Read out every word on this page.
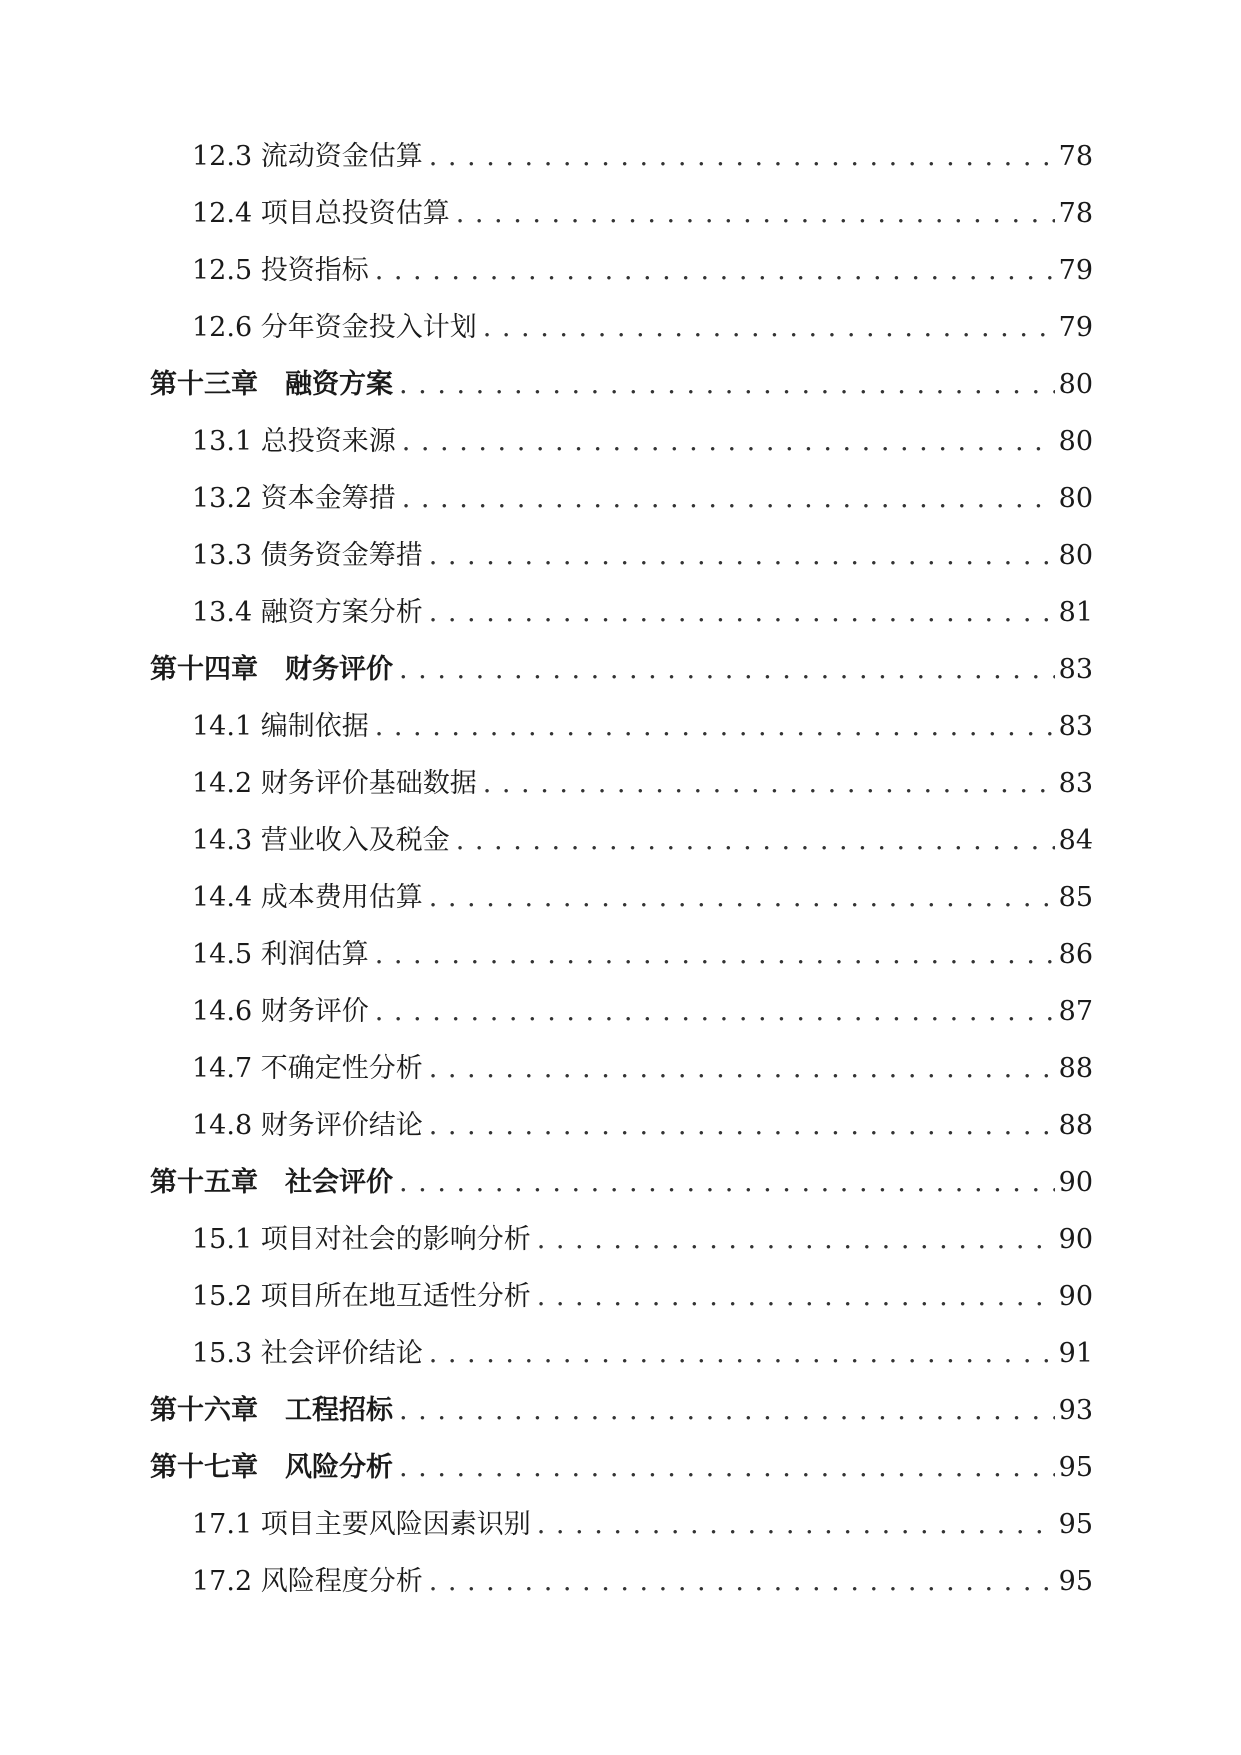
12.3 流动资金估算 . . .	78
12.4 项目总投资估算 . . .	78
12.5 投资指标 . . .	79
12.6 分年资金投入计划 . . .	79
第十三章　融资方案 . . .	80
13.1 总投资来源 . . .	80
13.2 资本金筹措 . . .	80
13.3 债务资金筹措 . . .	80
13.4 融资方案分析 . . .	81
第十四章　财务评价 . . .	83
14.1 编制依据 . . .	83
14.2 财务评价基础数据 . . .	83
14.3 营业收入及税金 . . .	84
14.4 成本费用估算 . . .	85
14.5 利润估算 . . .	86
14.6 财务评价 . . .	87
14.7 不确定性分析 . . .	88
14.8 财务评价结论 . . .	88
第十五章　社会评价 . . .	90
15.1 项目对社会的影响分析 . . .	90
15.2 项目所在地互适性分析 . . .	90
15.3 社会评价结论 . . .	91
第十六章　工程招标 . . .	93
第十七章　风险分析 . . .	95
17.1 项目主要风险因素识别 . . .	95
17.2 风险程度分析 . . .	95
